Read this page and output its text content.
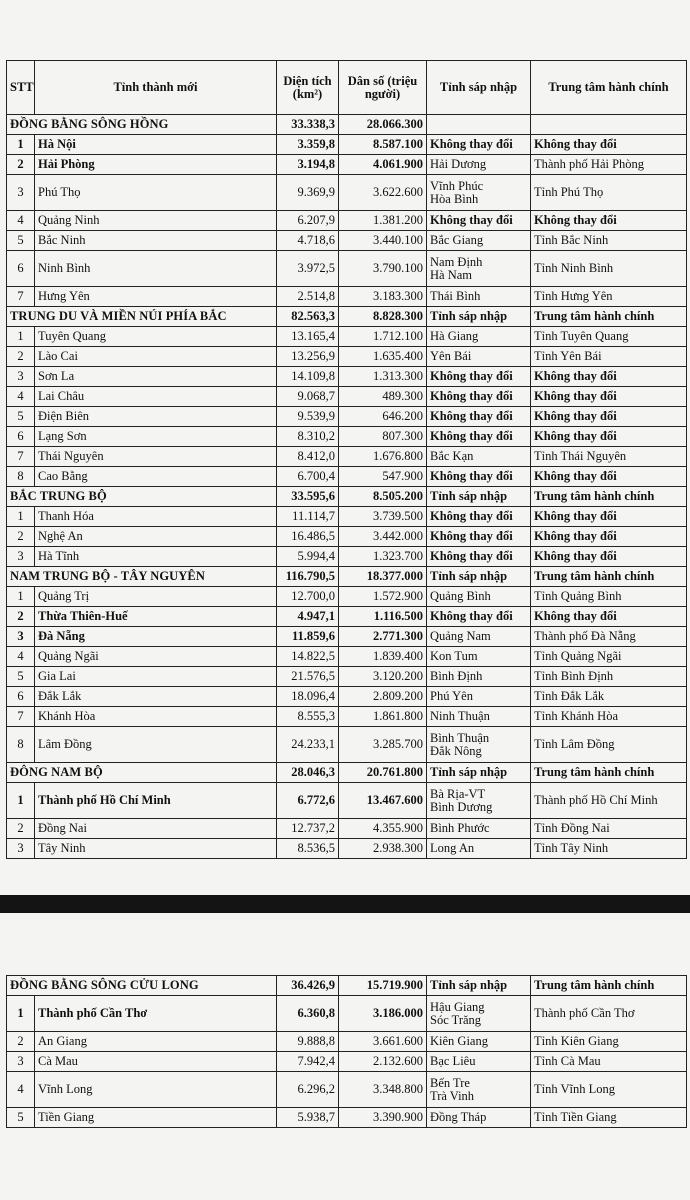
STT	Tỉnh thành mới	Diện tích (km²)	Dân số (triệu người)	Tỉnh sáp nhập	Trung tâm hành chính
ĐỒNG BẰNG SÔNG HỒNG		33.338,3	28.066.300		
1	Hà Nội	3.359,8	8.587.100	Không thay đổi	Không thay đổi
2	Hải Phòng	3.194,8	4.061.900	Hải Dương	Thành phố Hải Phòng
3	Phú Thọ	9.369,9	3.622.600	Vĩnh Phúc
Hòa Bình	Tỉnh Phú Thọ
4	Quảng Ninh	6.207,9	1.381.200	Không thay đổi	Không thay đổi
5	Bắc Ninh	4.718,6	3.440.100	Bắc Giang	Tỉnh Bắc Ninh
6	Ninh Bình	3.972,5	3.790.100	Nam Định
Hà Nam	Tỉnh Ninh Bình
7	Hưng Yên	2.514,8	3.183.300	Thái Bình	Tỉnh Hưng Yên
TRUNG DU VÀ MIỀN NÚI PHÍA BẮC		82.563,3	8.828.300	Tỉnh sáp nhập	Trung tâm hành chính
1	Tuyên Quang	13.165,4	1.712.100	Hà Giang	Tỉnh Tuyên Quang
2	Lào Cai	13.256,9	1.635.400	Yên Bái	Tỉnh Yên Bái
3	Sơn La	14.109,8	1.313.300	Không thay đổi	Không thay đổi
4	Lai Châu	9.068,7	489.300	Không thay đổi	Không thay đổi
5	Điện Biên	9.539,9	646.200	Không thay đổi	Không thay đổi
6	Lạng Sơn	8.310,2	807.300	Không thay đổi	Không thay đổi
7	Thái Nguyên	8.412,0	1.676.800	Bắc Kạn	Tỉnh Thái Nguyên
8	Cao Bằng	6.700,4	547.900	Không thay đổi	Không thay đổi
BẮC TRUNG BỘ		33.595,6	8.505.200	Tỉnh sáp nhập	Trung tâm hành chính
1	Thanh Hóa	11.114,7	3.739.500	Không thay đổi	Không thay đổi
2	Nghệ An	16.486,5	3.442.000	Không thay đổi	Không thay đổi
3	Hà Tĩnh	5.994,4	1.323.700	Không thay đổi	Không thay đổi
NAM TRUNG BỘ - TÂY NGUYÊN		116.790,5	18.377.000	Tỉnh sáp nhập	Trung tâm hành chính
1	Quảng Trị	12.700,0	1.572.900	Quảng Bình	Tỉnh Quảng Bình
2	Thừa Thiên-Huế	4.947,1	1.116.500	Không thay đổi	Không thay đổi
3	Đà Nẵng	11.859,6	2.771.300	Quảng Nam	Thành phố Đà Nẵng
4	Quảng Ngãi	14.822,5	1.839.400	Kon Tum	Tỉnh Quảng Ngãi
5	Gia Lai	21.576,5	3.120.200	Bình Định	Tỉnh Bình Định
6	Đắk Lắk	18.096,4	2.809.200	Phú Yên	Tỉnh Đắk Lắk
7	Khánh Hòa	8.555,3	1.861.800	Ninh Thuận	Tỉnh Khánh Hòa
8	Lâm Đồng	24.233,1	3.285.700	Bình Thuận
Đắk Nông	Tỉnh Lâm Đồng
ĐÔNG NAM BỘ		28.046,3	20.761.800	Tỉnh sáp nhập	Trung tâm hành chính
1	Thành phố Hồ Chí Minh	6.772,6	13.467.600	Bà Rịa-VT
Bình Dương	Thành phố Hồ Chí Minh
2	Đồng Nai	12.737,2	4.355.900	Bình Phước	Tỉnh Đồng Nai
3	Tây Ninh	8.536,5	2.938.300	Long An	Tỉnh Tây Ninh
ĐỒNG BẰNG SÔNG CỬU LONG		36.426,9	15.719.900	Tỉnh sáp nhập	Trung tâm hành chính
1	Thành phố Cần Thơ	6.360,8	3.186.000	Hậu Giang
Sóc Trăng	Thành phố Cần Thơ
2	An Giang	9.888,8	3.661.600	Kiên Giang	Tỉnh Kiên Giang
3	Cà Mau	7.942,4	2.132.600	Bạc Liêu	Tỉnh Cà Mau
4	Vĩnh Long	6.296,2	3.348.800	Bến Tre
Trà Vinh	Tỉnh Vĩnh Long
5	Tiền Giang	5.938,7	3.390.900	Đồng Tháp	Tỉnh Tiền Giang
